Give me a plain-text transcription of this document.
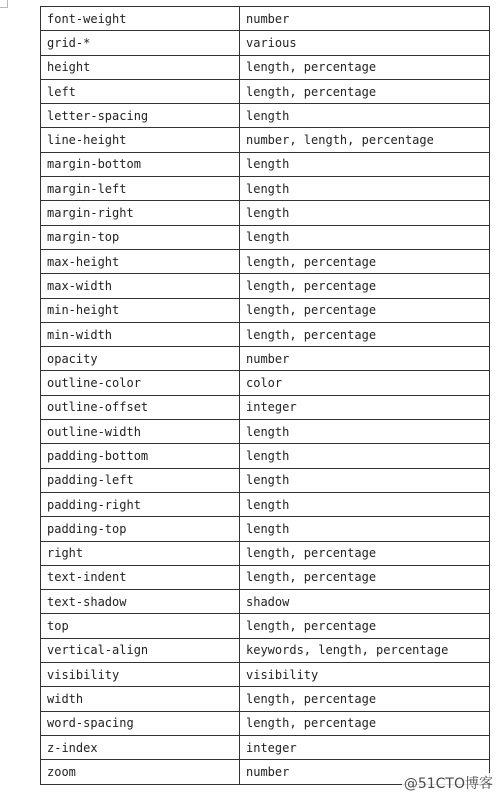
font-weight	number
grid-*	various
height	length, percentage
left	length, percentage
letter-spacing	length
line-height	number, length, percentage
margin-bottom	length
margin-left	length
margin-right	length
margin-top	length
max-height	length, percentage
max-width	length, percentage
min-height	length, percentage
min-width	length, percentage
opacity	number
outline-color	color
outline-offset	integer
outline-width	length
padding-bottom	length
padding-left	length
padding-right	length
padding-top	length
right	length, percentage
text-indent	length, percentage
text-shadow	shadow
top	length, percentage
vertical-align	keywords, length, percentage
visibility	visibility
width	length, percentage
word-spacing	length, percentage
z-index	integer
zoom	number
@51CTO博客
